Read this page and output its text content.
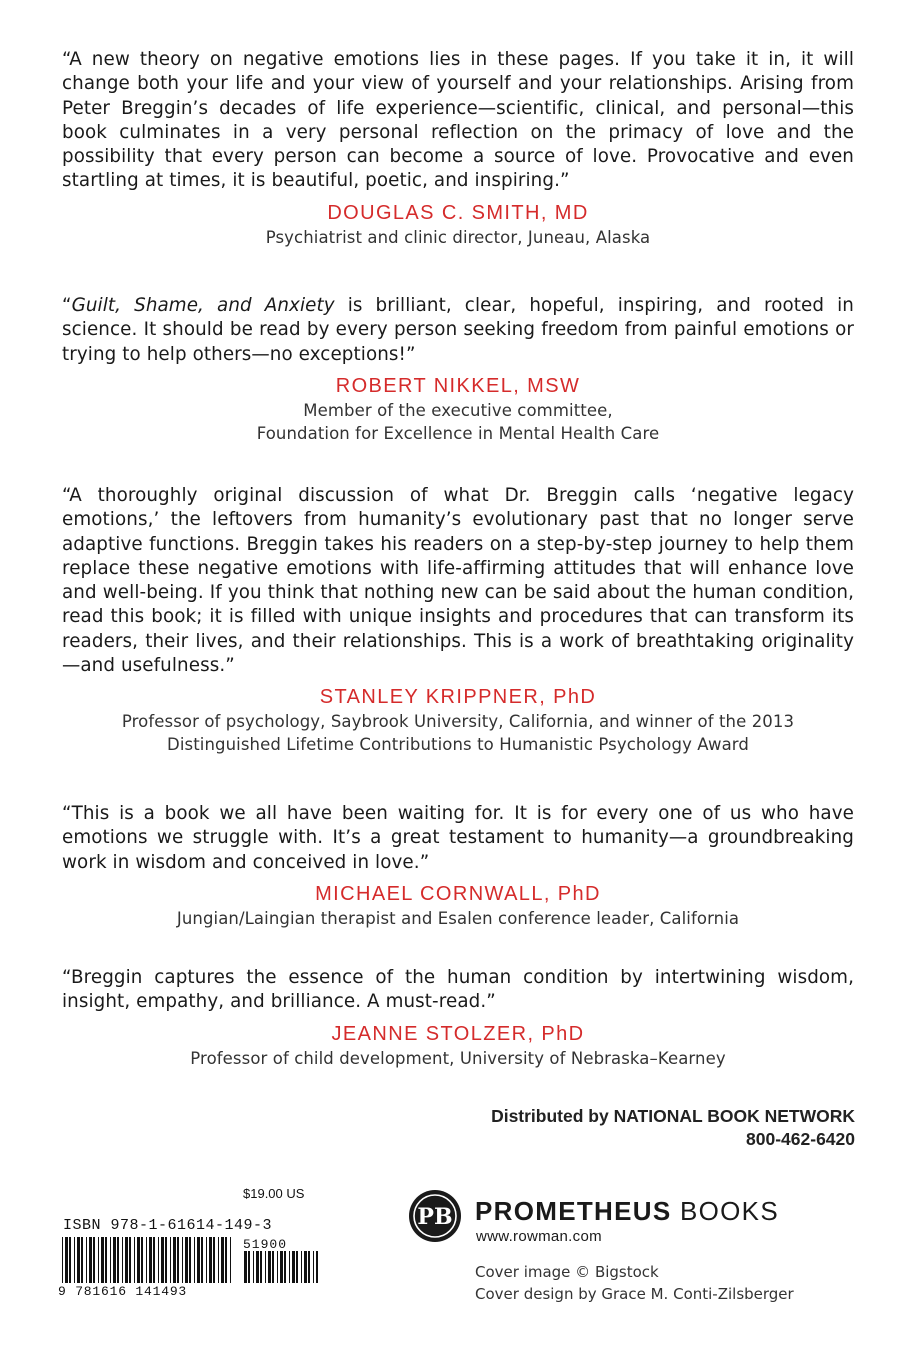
“A new theory on negative emotions lies in these pages. If you take it in, it will change both your life and your view of yourself and your relationships. Arising from Peter Breggin’s decades of life experience—scientific, clinical, and personal—this book culminates in a very personal reflection on the primacy of love and the possibility that every person can become a source of love. Provocative and even startling at times, it is beautiful, poetic, and inspiring.”

DOUGLAS C. SMITH, MD
Psychiatrist and clinic director, Juneau, Alaska

“Guilt, Shame, and Anxiety is brilliant, clear, hopeful, inspiring, and rooted in science. It should be read by every person seeking freedom from painful emotions or trying to help others—no exceptions!”

ROBERT NIKKEL, MSW
Member of the executive committee,
Foundation for Excellence in Mental Health Care

“A thoroughly original discussion of what Dr. Breggin calls ‘negative legacy emotions,’ the leftovers from humanity’s evolutionary past that no longer serve adaptive functions. Breggin takes his readers on a step-by-step journey to help them replace these negative emotions with life-affirming attitudes that will enhance love and well-being. If you think that nothing new can be said about the human condition, read this book; it is filled with unique insights and procedures that can transform its readers, their lives, and their relationships. This is a work of breathtaking originality—and usefulness.”

STANLEY KRIPPNER, PhD
Professor of psychology, Saybrook University, California, and winner of the 2013
Distinguished Lifetime Contributions to Humanistic Psychology Award

“This is a book we all have been waiting for. It is for every one of us who have emotions we struggle with. It’s a great testament to humanity—a groundbreaking work in wisdom and conceived in love.”

MICHAEL CORNWALL, PhD
Jungian/Laingian therapist and Esalen conference leader, California

“Breggin captures the essence of the human condition by intertwining wisdom, insight, empathy, and brilliance. A must-read.”

JEANNE STOLZER, PhD
Professor of child development, University of Nebraska–Kearney
Distributed by NATIONAL BOOK NETWORK
800-462-6420
$19.00 US
ISBN 978-1-61614-149-3
9 781616 141493
51900
PB PROMETHEUS BOOKS
www.rowman.com
Cover image © Bigstock
Cover design by Grace M. Conti-Zilsberger
